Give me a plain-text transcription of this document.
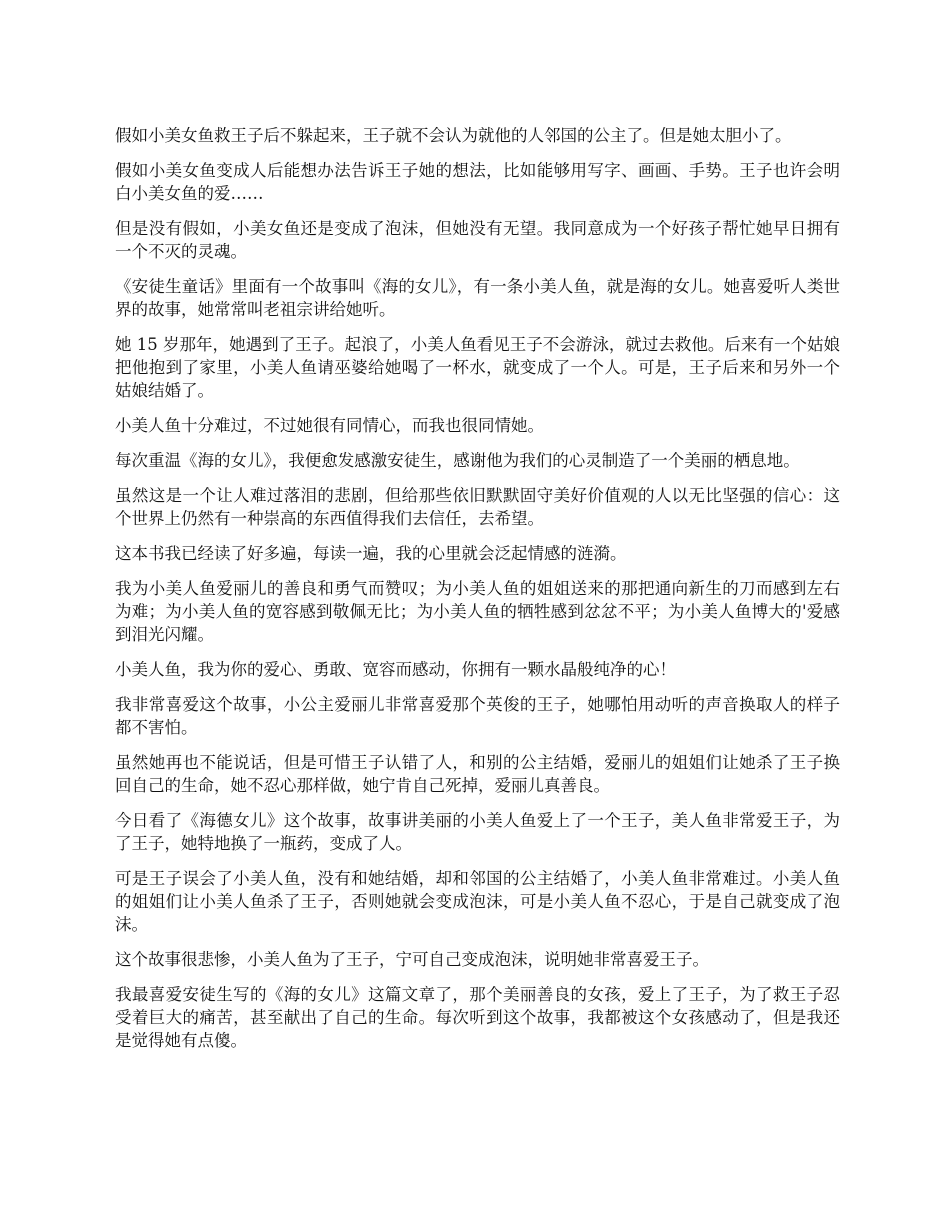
假如小美女鱼救王子后不躲起来，王子就不会认为就他的人邻国的公主了。但是她太胆小了。

假如小美女鱼变成人后能想办法告诉王子她的想法，比如能够用写字、画画、手势。王子也许会明白小美女鱼的爱……

但是没有假如，小美女鱼还是变成了泡沫，但她没有无望。我同意成为一个好孩子帮忙她早日拥有一个不灭的灵魂。

《安徒生童话》里面有一个故事叫《海的女儿》，有一条小美人鱼，就是海的女儿。她喜爱听人类世界的故事，她常常叫老祖宗讲给她听。

她 15 岁那年，她遇到了王子。起浪了，小美人鱼看见王子不会游泳，就过去救他。后来有一个姑娘把他抱到了家里，小美人鱼请巫婆给她喝了一杯水，就变成了一个人。可是，王子后来和另外一个姑娘结婚了。

小美人鱼十分难过，不过她很有同情心，而我也很同情她。

每次重温《海的女儿》，我便愈发感激安徒生，感谢他为我们的心灵制造了一个美丽的栖息地。

虽然这是一个让人难过落泪的悲剧，但给那些依旧默默固守美好价值观的人以无比坚强的信心：这个世界上仍然有一种崇高的东西值得我们去信任，去希望。

这本书我已经读了好多遍，每读一遍，我的心里就会泛起情感的涟漪。

我为小美人鱼爱丽儿的善良和勇气而赞叹；为小美人鱼的姐姐送来的那把通向新生的刀而感到左右为难；为小美人鱼的宽容感到敬佩无比；为小美人鱼的牺牲感到忿忿不平；为小美人鱼博大的'爱感到泪光闪耀。

小美人鱼，我为你的爱心、勇敢、宽容而感动，你拥有一颗水晶般纯净的心！

我非常喜爱这个故事，小公主爱丽儿非常喜爱那个英俊的王子，她哪怕用动听的声音换取人的样子都不害怕。

虽然她再也不能说话，但是可惜王子认错了人，和别的公主结婚，爱丽儿的姐姐们让她杀了王子换回自己的生命，她不忍心那样做，她宁肯自己死掉，爱丽儿真善良。

今日看了《海德女儿》这个故事，故事讲美丽的小美人鱼爱上了一个王子，美人鱼非常爱王子，为了王子，她特地换了一瓶药，变成了人。

可是王子误会了小美人鱼，没有和她结婚，却和邻国的公主结婚了，小美人鱼非常难过。小美人鱼的姐姐们让小美人鱼杀了王子，否则她就会变成泡沫，可是小美人鱼不忍心，于是自己就变成了泡沫。

这个故事很悲惨，小美人鱼为了王子，宁可自己变成泡沫，说明她非常喜爱王子。

我最喜爱安徒生写的《海的女儿》这篇文章了，那个美丽善良的女孩，爱上了王子，为了救王子忍受着巨大的痛苦，甚至献出了自己的生命。每次听到这个故事，我都被这个女孩感动了，但是我还是觉得她有点傻。
